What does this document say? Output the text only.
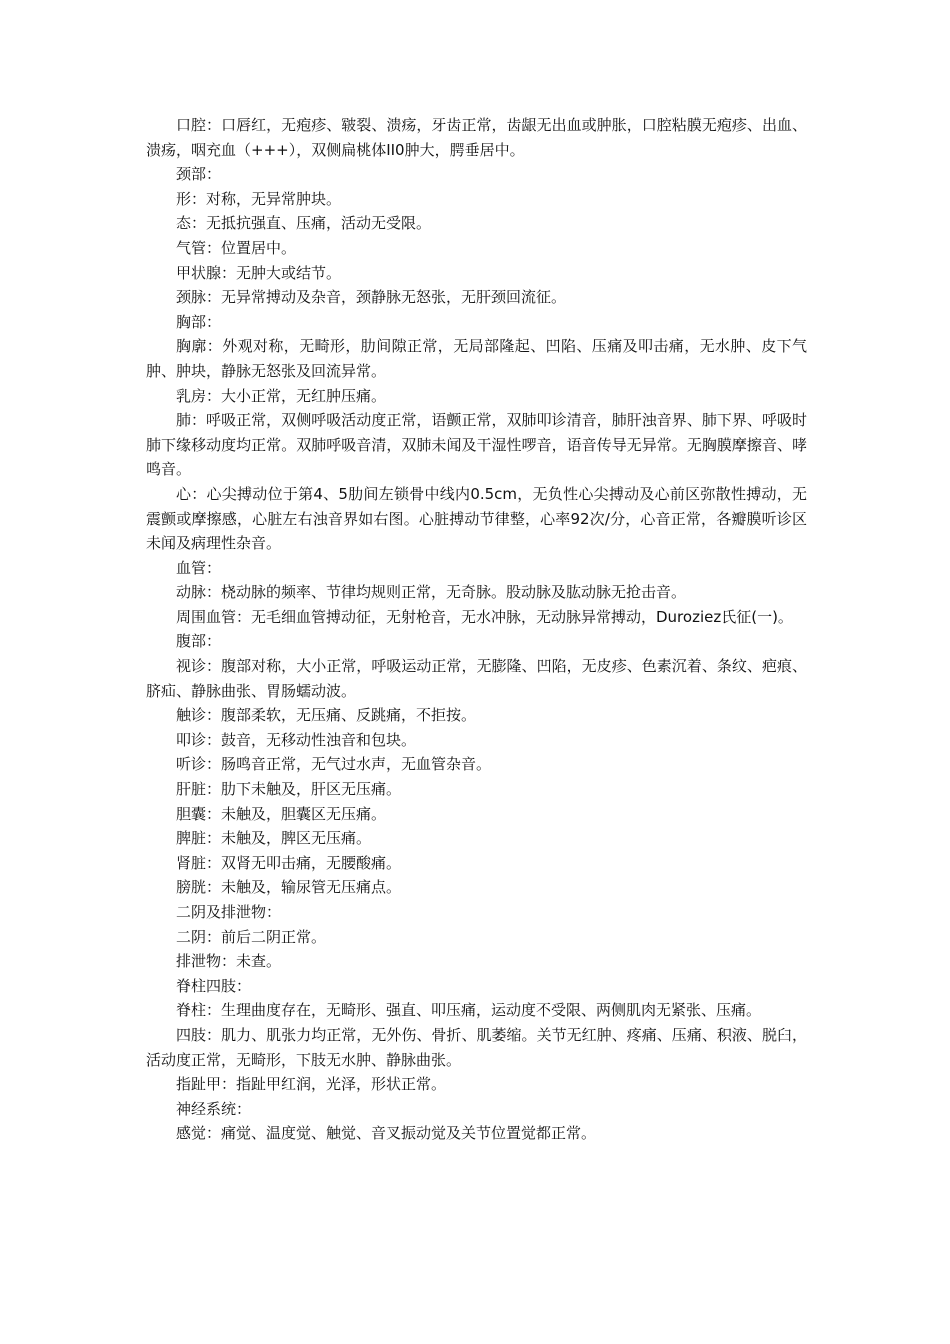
口腔：口唇红，无疱疹、皲裂、溃疡，牙齿正常，齿龈无出血或肿胀，口腔粘膜无疱疹、出血、溃疡，咽充血（+++），双侧扁桃体II0肿大，腭垂居中。

颈部：

形：对称，无异常肿块。

态：无抵抗强直、压痛，活动无受限。

气管：位置居中。

甲状腺：无肿大或结节。

颈脉：无异常搏动及杂音，颈静脉无怒张，无肝颈回流征。

胸部：

胸廓：外观对称，无畸形，肋间隙正常，无局部隆起、凹陷、压痛及叩击痛，无水肿、皮下气肿、肿块，静脉无怒张及回流异常。

乳房：大小正常，无红肿压痛。

肺：呼吸正常，双侧呼吸活动度正常，语颤正常，双肺叩诊清音，肺肝浊音界、肺下界、呼吸时肺下缘移动度均正常。双肺呼吸音清，双肺未闻及干湿性啰音，语音传导无异常。无胸膜摩擦音、哮鸣音。

心：心尖搏动位于第4、5肋间左锁骨中线内0.5cm，无负性心尖搏动及心前区弥散性搏动，无震颤或摩擦感，心脏左右浊音界如右图。心脏搏动节律整，心率92次/分，心音正常，各瓣膜听诊区未闻及病理性杂音。

血管：

动脉：桡动脉的频率、节律均规则正常，无奇脉。股动脉及肱动脉无抢击音。

周围血管：无毛细血管搏动征，无射枪音，无水冲脉，无动脉异常搏动，Duroziez氏征(一)。

腹部：

视诊：腹部对称，大小正常，呼吸运动正常，无膨隆、凹陷，无皮疹、色素沉着、条纹、疤痕、脐疝、静脉曲张、胃肠蠕动波。

触诊：腹部柔软，无压痛、反跳痛，不拒按。

叩诊：鼓音，无移动性浊音和包块。

听诊：肠鸣音正常，无气过水声，无血管杂音。

肝脏：肋下未触及，肝区无压痛。

胆囊：未触及，胆囊区无压痛。

脾脏：未触及，脾区无压痛。

肾脏：双肾无叩击痛，无腰酸痛。

膀胱：未触及，输尿管无压痛点。

二阴及排泄物：

二阴：前后二阴正常。

排泄物：未查。

脊柱四肢：

脊柱：生理曲度存在，无畸形、强直、叩压痛，运动度不受限、两侧肌肉无紧张、压痛。

四肢：肌力、肌张力均正常，无外伤、骨折、肌萎缩。关节无红肿、疼痛、压痛、积液、脱臼，活动度正常，无畸形，下肢无水肿、静脉曲张。

指趾甲：指趾甲红润，光泽，形状正常。

神经系统：

感觉：痛觉、温度觉、触觉、音叉振动觉及关节位置觉都正常。
